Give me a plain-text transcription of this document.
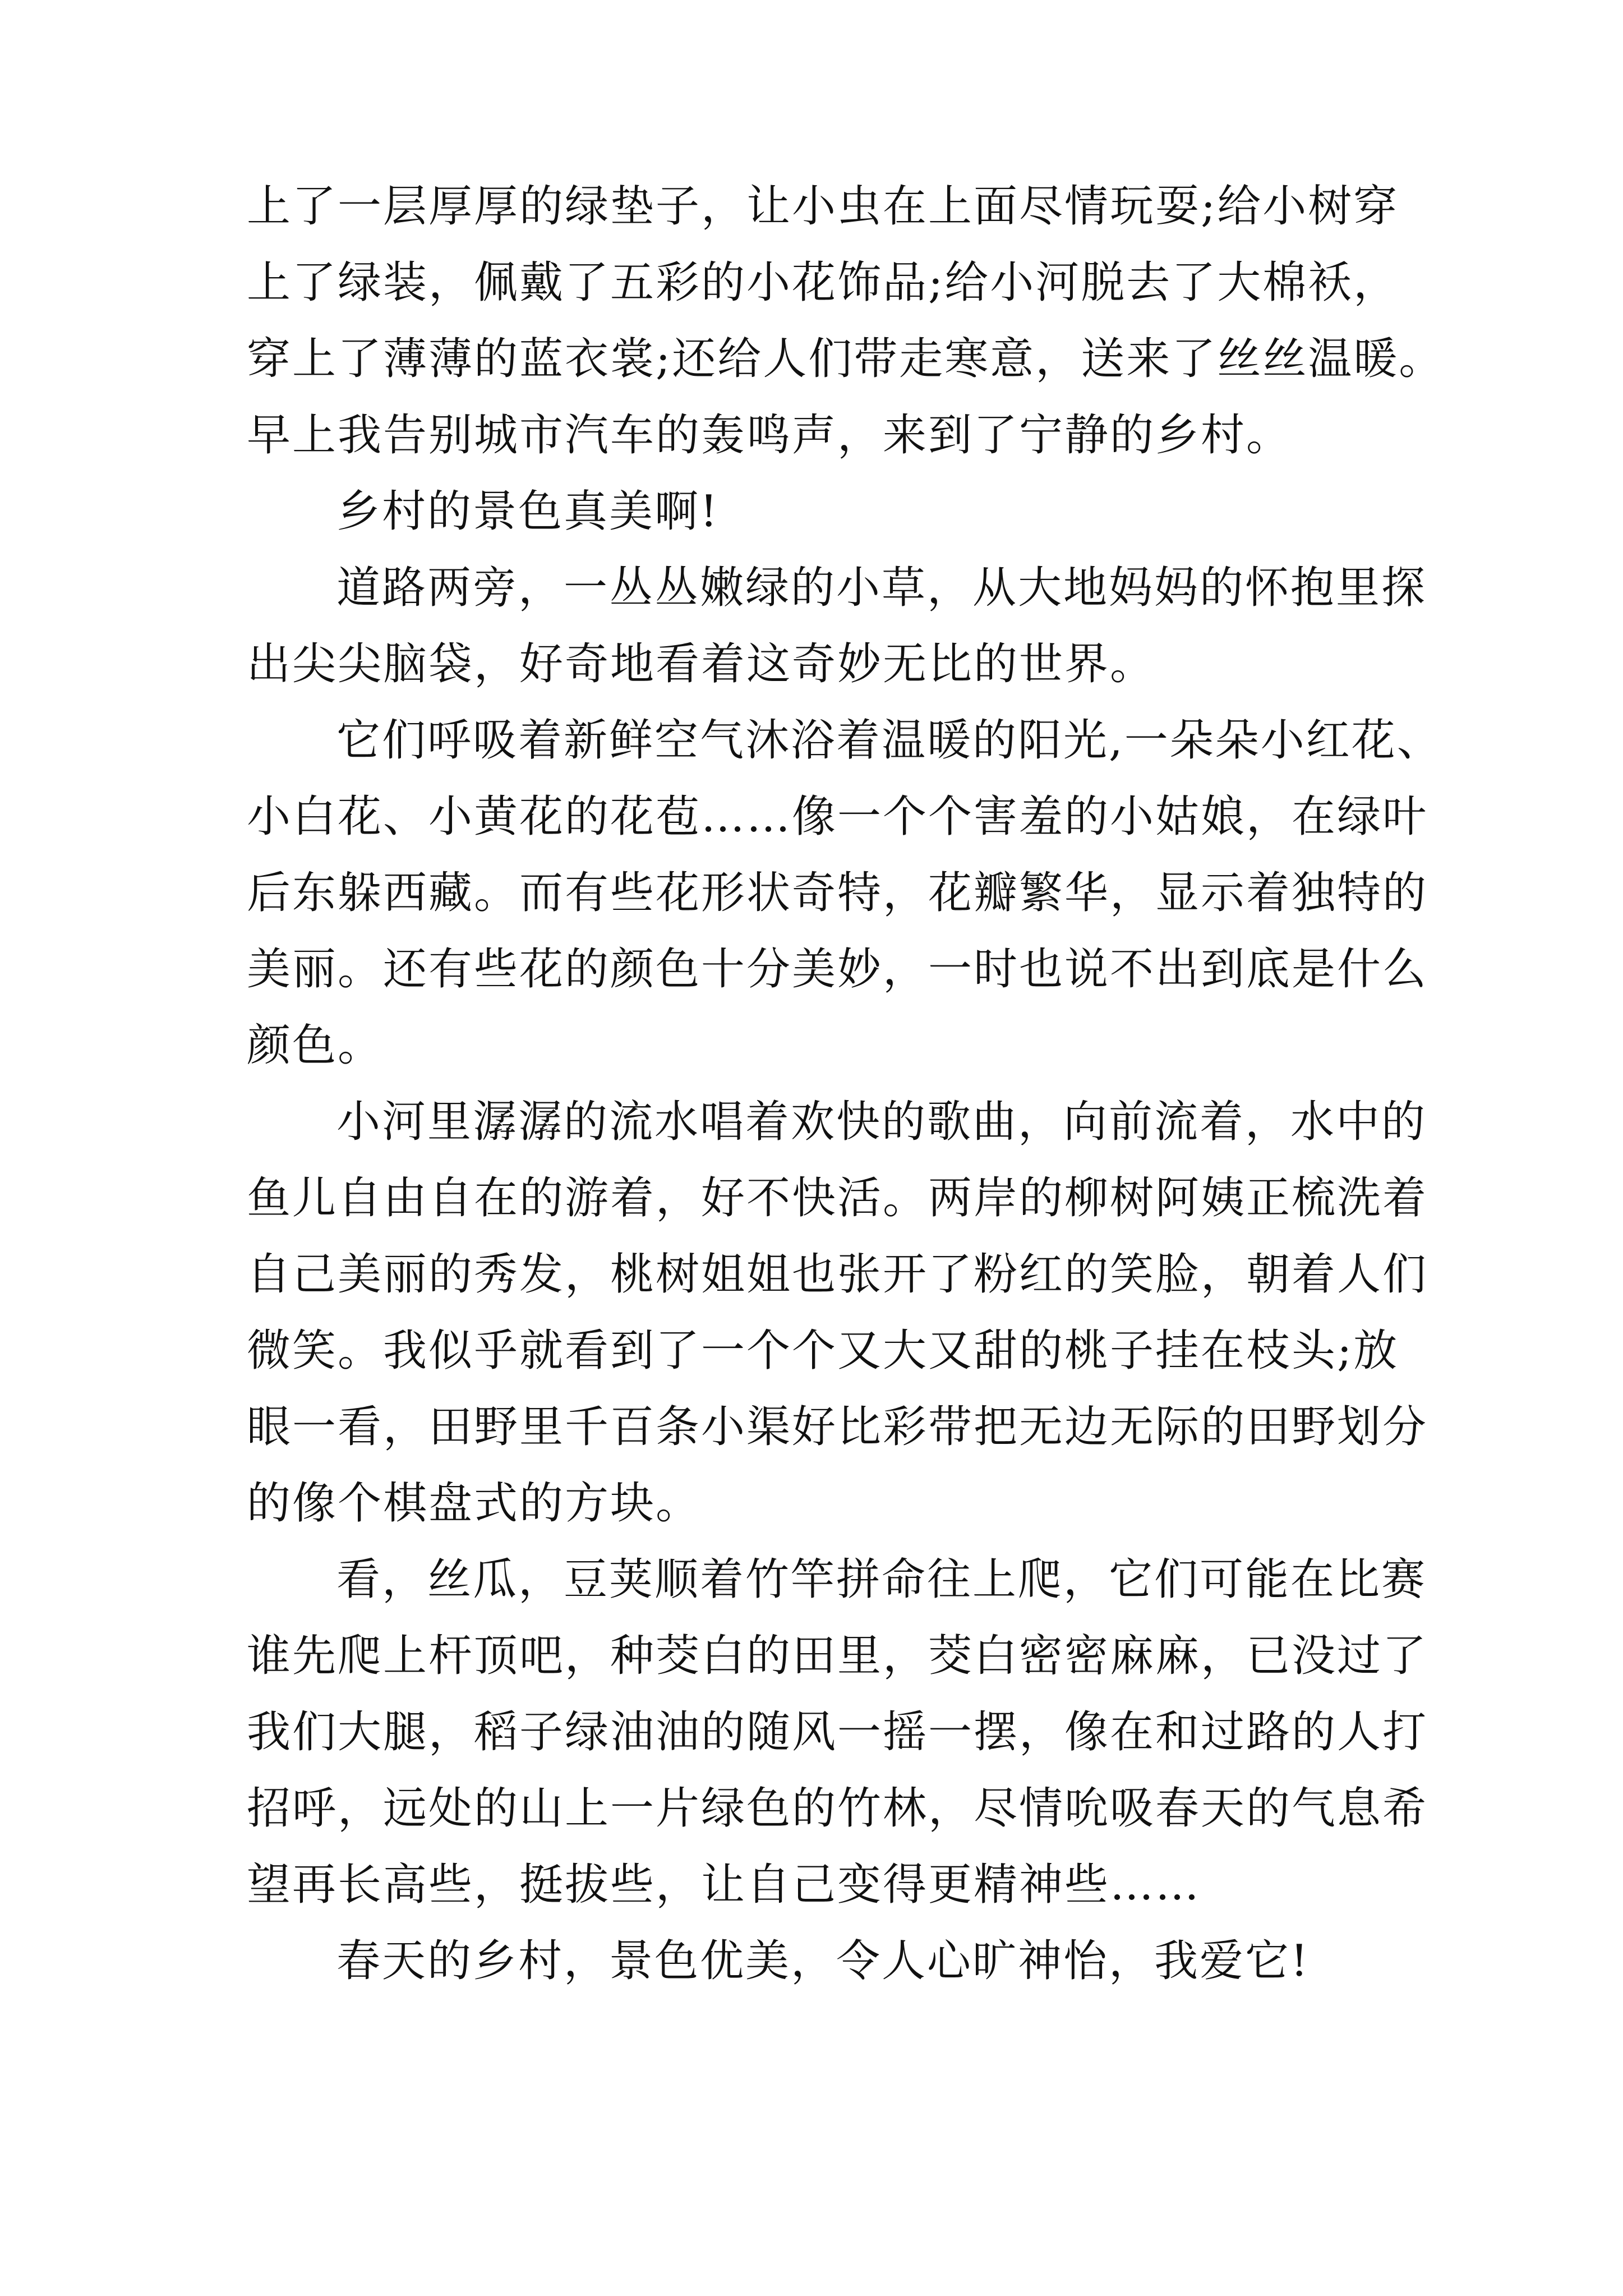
上了一层厚厚的绿垫子，让小虫在上面尽情玩耍;给小树穿

上了绿装，佩戴了五彩的小花饰品;给小河脱去了大棉袄，

穿上了薄薄的蓝衣裳;还给人们带走寒意，送来了丝丝温暖。

早上我告别城市汽车的轰鸣声，来到了宁静的乡村。

乡村的景色真美啊!

道路两旁，一丛丛嫩绿的小草，从大地妈妈的怀抱里探

出尖尖脑袋，好奇地看着这奇妙无比的世界。

它们呼吸着新鲜空气沐浴着温暖的阳光,一朵朵小红花、

小白花、小黄花的花苞……像一个个害羞的小姑娘，在绿叶

后东躲西藏。而有些花形状奇特，花瓣繁华，显示着独特的

美丽。还有些花的颜色十分美妙，一时也说不出到底是什么

颜色。

小河里潺潺的流水唱着欢快的歌曲，向前流着，水中的

鱼儿自由自在的游着，好不快活。两岸的柳树阿姨正梳洗着

自己美丽的秀发，桃树姐姐也张开了粉红的笑脸，朝着人们

微笑。我似乎就看到了一个个又大又甜的桃子挂在枝头;放

眼一看，田野里千百条小渠好比彩带把无边无际的田野划分

的像个棋盘式的方块。

看，丝瓜，豆荚顺着竹竿拼命往上爬，它们可能在比赛

谁先爬上杆顶吧，种茭白的田里，茭白密密麻麻，已没过了

我们大腿，稻子绿油油的随风一摇一摆，像在和过路的人打

招呼，远处的山上一片绿色的竹林，尽情吮吸春天的气息希

望再长高些，挺拔些，让自己变得更精神些……

春天的乡村，景色优美，令人心旷神怡，我爱它!
